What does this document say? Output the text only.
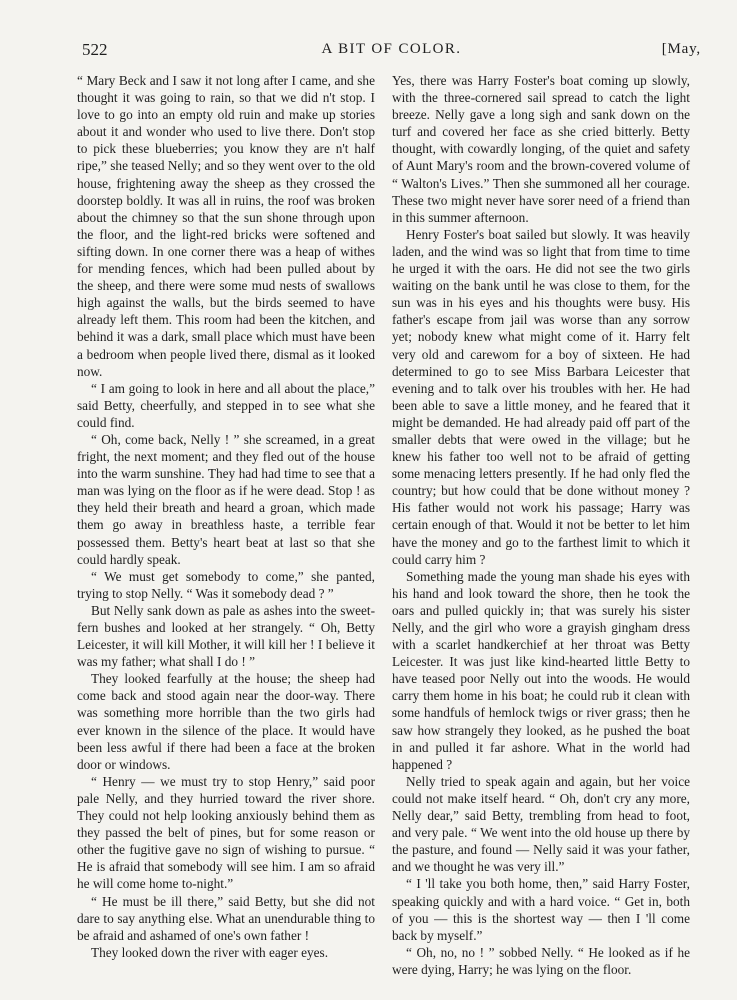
522	A BIT OF COLOR.	[May,

“ Mary Beck and I saw it not long after I came, and she thought it was going to rain, so that we did n't stop. I love to go into an empty old ruin and make up stories about it and wonder who used to live there. Don't stop to pick these blueberries; you know they are n't half ripe,” she teased Nelly; and so they went over to the old house, frightening away the sheep as they crossed the doorstep boldly. It was all in ruins, the roof was broken about the chimney so that the sun shone through upon the floor, and the light-red bricks were softened and sifting down. In one corner there was a heap of withes for mending fences, which had been pulled about by the sheep, and there were some mud nests of swallows high against the walls, but the birds seemed to have already left them. This room had been the kitchen, and behind it was a dark, small place which must have been a bedroom when people lived there, dismal as it looked now.

“ I am going to look in here and all about the place,” said Betty, cheerfully, and stepped in to see what she could find.

“ Oh, come back, Nelly ! ” she screamed, in a great fright, the next moment; and they fled out of the house into the warm sunshine. They had had time to see that a man was lying on the floor as if he were dead. Stop ! as they held their breath and heard a groan, which made them go away in breathless haste, a terrible fear possessed them. Betty's heart beat at last so that she could hardly speak.

“ We must get somebody to come,” she panted, trying to stop Nelly. “ Was it somebody dead ? ”

But Nelly sank down as pale as ashes into the sweet-fern bushes and looked at her strangely. “ Oh, Betty Leicester, it will kill Mother, it will kill her ! I believe it was my father; what shall I do ! ”

They looked fearfully at the house; the sheep had come back and stood again near the door-way. There was something more horrible than the two girls had ever known in the silence of the place. It would have been less awful if there had been a face at the broken door or windows.

“ Henry — we must try to stop Henry,” said poor pale Nelly, and they hurried toward the river shore. They could not help looking anxiously behind them as they passed the belt of pines, but for some reason or other the fugitive gave no sign of wishing to pursue. “ He is afraid that somebody will see him. I am so afraid he will come home to-night.”

“ He must be ill there,” said Betty, but she did not dare to say anything else. What an unendurable thing to be afraid and ashamed of one's own father !

They looked down the river with eager eyes.

Yes, there was Harry Foster's boat coming up slowly, with the three-cornered sail spread to catch the light breeze. Nelly gave a long sigh and sank down on the turf and covered her face as she cried bitterly. Betty thought, with cowardly longing, of the quiet and safety of Aunt Mary's room and the brown-covered volume of “ Walton's Lives.” Then she summoned all her courage. These two might never have sorer need of a friend than in this summer afternoon.

Henry Foster's boat sailed but slowly. It was heavily laden, and the wind was so light that from time to time he urged it with the oars. He did not see the two girls waiting on the bank until he was close to them, for the sun was in his eyes and his thoughts were busy. His father's escape from jail was worse than any sorrow yet; nobody knew what might come of it. Harry felt very old and carewom for a boy of sixteen. He had determined to go to see Miss Barbara Leicester that evening and to talk over his troubles with her. He had been able to save a little money, and he feared that it might be demanded. He had already paid off part of the smaller debts that were owed in the village; but he knew his father too well not to be afraid of getting some menacing letters presently. If he had only fled the country; but how could that be done without money ? His father would not work his passage; Harry was certain enough of that. Would it not be better to let him have the money and go to the farthest limit to which it could carry him ?

Something made the young man shade his eyes with his hand and look toward the shore, then he took the oars and pulled quickly in; that was surely his sister Nelly, and the girl who wore a grayish gingham dress with a scarlet handkerchief at her throat was Betty Leicester. It was just like kind-hearted little Betty to have teased poor Nelly out into the woods. He would carry them home in his boat; he could rub it clean with some handfuls of hemlock twigs or river grass; then he saw how strangely they looked, as he pushed the boat in and pulled it far ashore. What in the world had happened ?

Nelly tried to speak again and again, but her voice could not make itself heard. “ Oh, don't cry any more, Nelly dear,” said Betty, trembling from head to foot, and very pale. “ We went into the old house up there by the pasture, and found — Nelly said it was your father, and we thought he was very ill.”

“ I 'll take you both home, then,” said Harry Foster, speaking quickly and with a hard voice. “ Get in, both of you — this is the shortest way — then I 'll come back by myself.”

“ Oh, no, no ! ” sobbed Nelly. “ He looked as if he were dying, Harry; he was lying on the floor.
